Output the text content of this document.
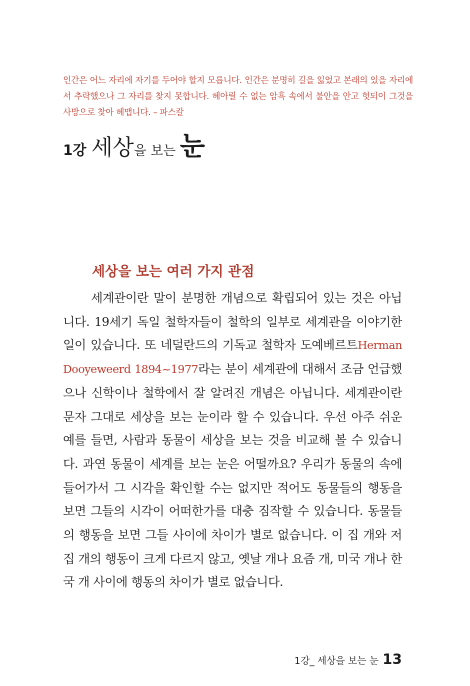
인간은 어느 자리에 자기를 두어야 할지 모릅니다. 인간은 분명히 길을 잃었고 본래의 있을 자리에서 추락했으나 그 자리를 찾지 못합니다. 헤아릴 수 없는 암흑 속에서 불안을 안고 헛되이 그것을 사방으로 찾아 헤맵니다. – 파스칼
1강 세상을 보는 눈
세상을 보는 여러 가지 관점

세계관이란 말이 분명한 개념으로 확립되어 있는 것은 아닙니다. 19세기 독일 철학자들이 철학의 일부로 세계관을 이야기한 일이 있습니다. 또 네덜란드의 기독교 철학자 도예베르트Herman Dooyeweerd 1894~1977라는 분이 세계관에 대해서 조금 언급했으나 신학이나 철학에서 잘 알려진 개념은 아닙니다. 세계관이란 문자 그대로 세상을 보는 눈이라 할 수 있습니다. 우선 아주 쉬운 예를 들면, 사람과 동물이 세상을 보는 것을 비교해 볼 수 있습니다. 과연 동물이 세계를 보는 눈은 어떨까요? 우리가 동물의 속에 들어가서 그 시각을 확인할 수는 없지만 적어도 동물들의 행동을 보면 그들의 시각이 어떠한가를 대충 짐작할 수 있습니다. 동물들의 행동을 보면 그들 사이에 차이가 별로 없습니다. 이 집 개와 저 집 개의 행동이 크게 다르지 않고, 옛날 개나 요즘 개, 미국 개나 한국 개 사이에 행동의 차이가 별로 없습니다.

1강_ 세상을 보는 눈 13
